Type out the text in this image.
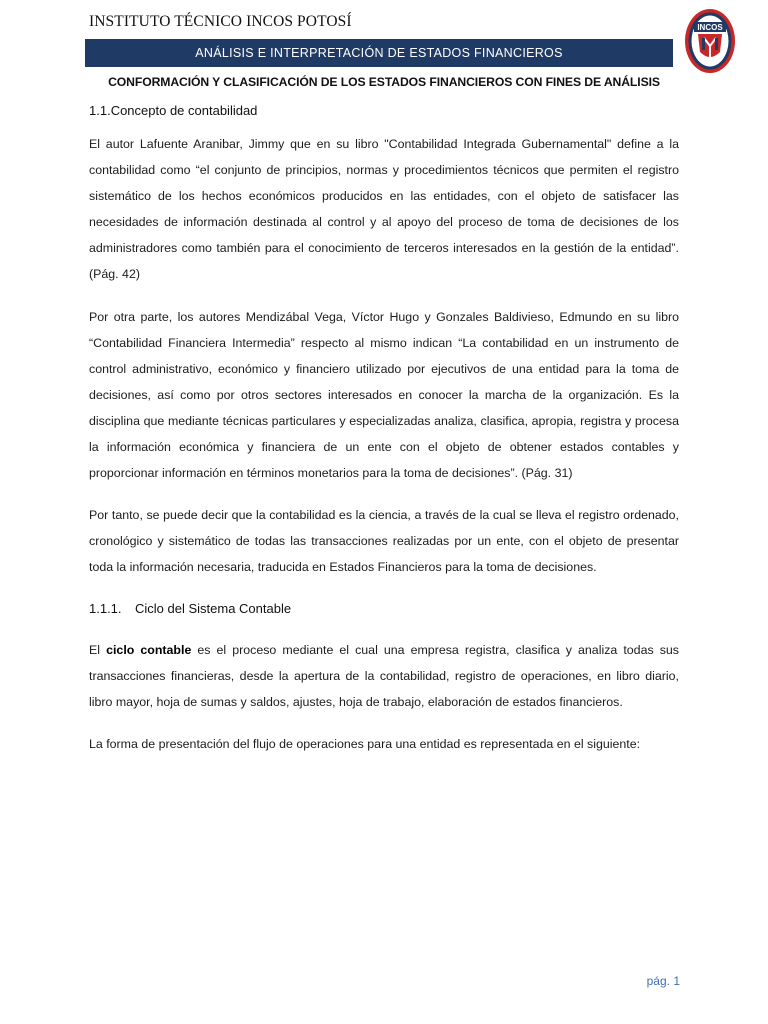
INSTITUTO TÉCNICO INCOS POTOSÍ
ANÁLISIS E INTERPRETACIÓN DE ESTADOS FINANCIEROS
INCOS
CONFORMACIÓN Y CLASIFICACIÓN DE LOS ESTADOS FINANCIEROS CON FINES DE ANÁLISIS
1.1.Concepto de contabilidad

El autor Lafuente Aranibar, Jimmy que en su libro "Contabilidad Integrada Gubernamental" define a la contabilidad como “el conjunto de principios, normas y procedimientos técnicos que permiten el registro sistemático de los hechos económicos producidos en las entidades, con el objeto de satisfacer las necesidades de información destinada al control y al apoyo del proceso de toma de decisiones de los administradores como también para el conocimiento de terceros interesados en la gestión de la entidad”. (Pág. 42)

Por otra parte, los autores Mendizábal Vega, Víctor Hugo y Gonzales Baldivieso, Edmundo en su libro “Contabilidad Financiera Intermedia” respecto al mismo indican “La contabilidad en un instrumento de control administrativo, económico y financiero utilizado por ejecutivos de una entidad para la toma de decisiones, así como por otros sectores interesados en conocer la marcha de la organización. Es la disciplina que mediante técnicas particulares y especializadas analiza, clasifica, apropia, registra y procesa la información económica y financiera de un ente con el objeto de obtener estados contables y proporcionar información en términos monetarios para la toma de decisiones”. (Pág. 31)

Por tanto, se puede decir que la contabilidad es la ciencia, a través de la cual se lleva el registro ordenado, cronológico y sistemático de todas las transacciones realizadas por un ente, con el objeto de presentar toda la información necesaria, traducida en Estados Financieros para la toma de decisiones.

1.1.1. Ciclo del Sistema Contable

El ciclo contable es el proceso mediante el cual una empresa registra, clasifica y analiza todas sus transacciones financieras, desde la apertura de la contabilidad, registro de operaciones, en libro diario, libro mayor, hoja de sumas y saldos, ajustes, hoja de trabajo, elaboración de estados financieros.

La forma de presentación del flujo de operaciones para una entidad es representada en el siguiente:

pág. 1
